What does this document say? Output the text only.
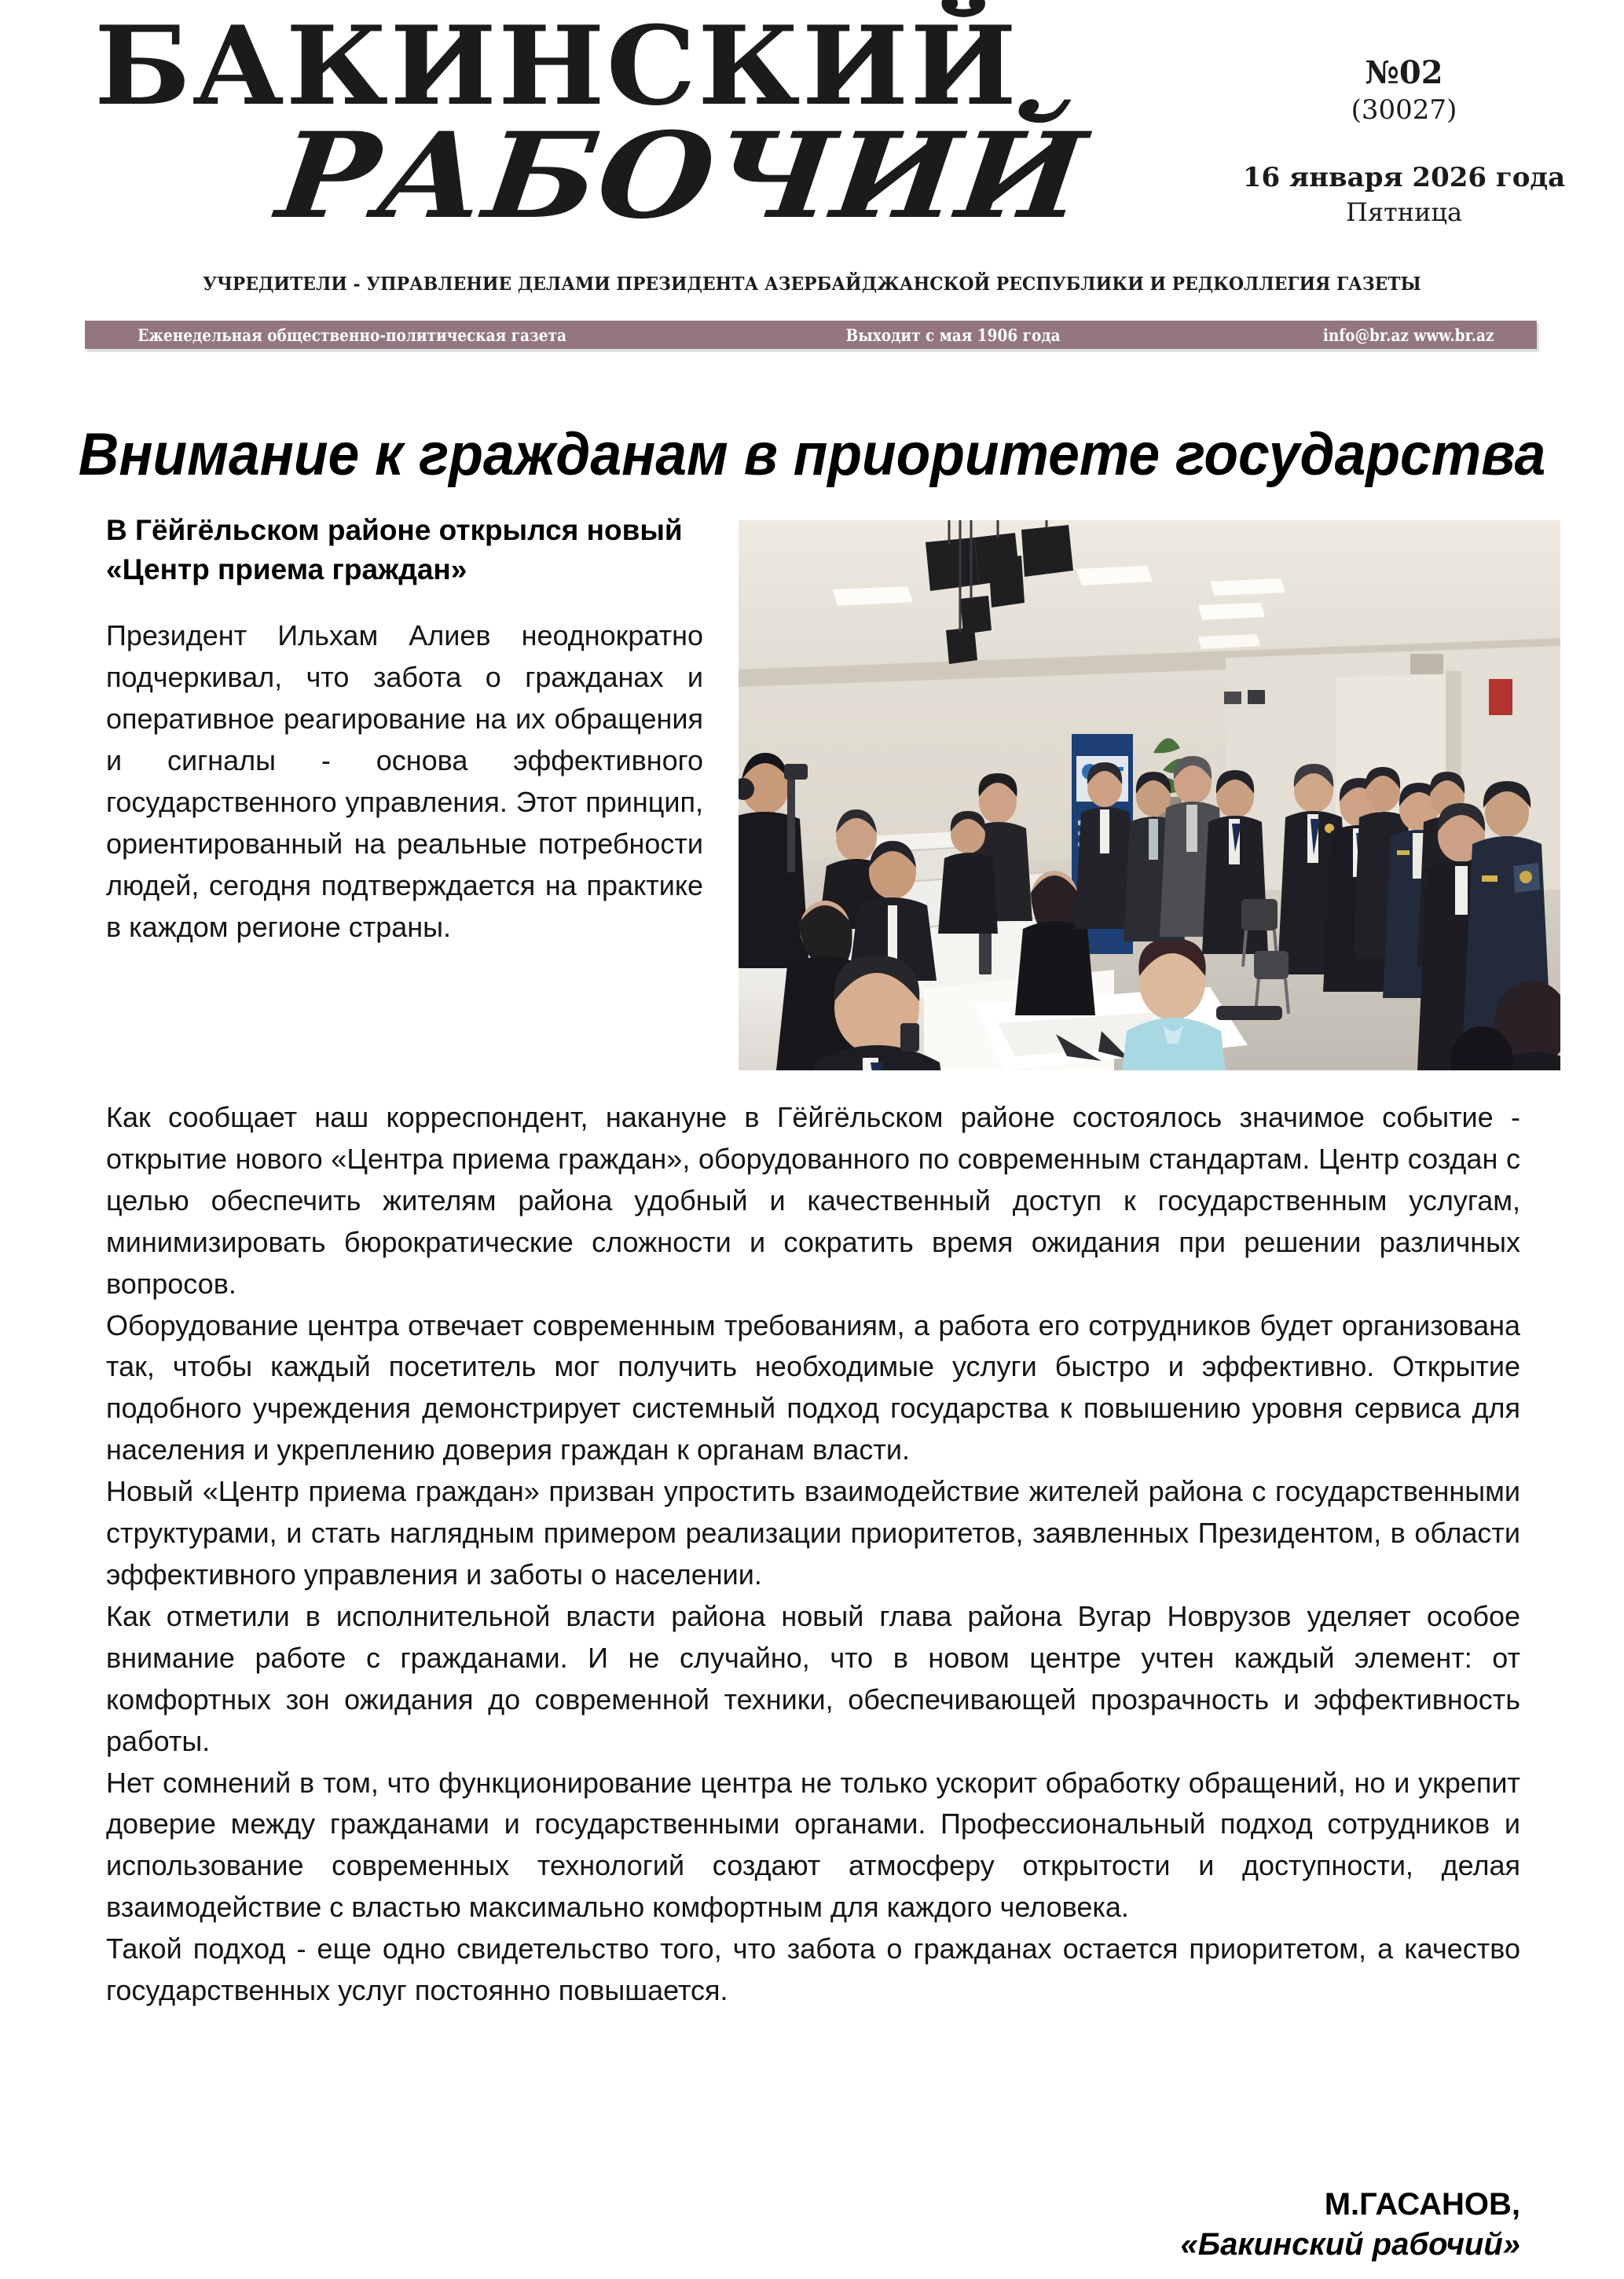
БАКИНСКИЙ
РАБОЧИЙ
№02
(30027)
16 января 2026 года
Пятница
УЧРЕДИТЕЛИ - УПРАВЛЕНИЕ ДЕЛАМИ ПРЕЗИДЕНТА АЗЕРБАЙДЖАНСКОЙ РЕСПУБЛИКИ И РЕДКОЛЛЕГИЯ ГАЗЕТЫ
Еженедельная общественно-политическая газета	Выходит с мая 1906 года	info@br.az www.br.az
Внимание к гражданам в приоритете государства
В Гёйгёльском районе открылся новый «Центр приема граждан»

Президент Ильхам Алиев неоднократно подчеркивал, что забота о гражданах и оперативное реагирование на их обращения и сигналы - основа эффективного государственного управления. Этот принцип, ориентированный на реальные потребности людей, сегодня подтверждается на практике в каждом регионе страны.

Как сообщает наш корреспондент, накануне в Гёйгёльском районе состоялось значимое событие - открытие нового «Центра приема граждан», оборудованного по современным стандартам. Центр создан с целью обеспечить жителям района удобный и качественный доступ к государственным услугам, минимизировать бюрократические сложности и сократить время ожидания при решении различных вопросов.

Оборудование центра отвечает современным требованиям, а работа его сотрудников будет организована так, чтобы каждый посетитель мог получить необходимые услуги быстро и эффективно. Открытие подобного учреждения демонстрирует системный подход государства к повышению уровня сервиса для населения и укреплению доверия граждан к органам власти.

Новый «Центр приема граждан» призван упростить взаимодействие жителей района с государственными структурами, и стать наглядным примером реализации приоритетов, заявленных Президентом, в области эффективного управления и заботы о населении.

Как отметили в исполнительной власти района новый глава района Вугар Новрузов уделяет особое внимание работе с гражданами. И не случайно, что в новом центре учтен каждый элемент: от комфортных зон ожидания до современной техники, обеспечивающей прозрачность и эффективность работы.

Нет сомнений в том, что функционирование центра не только ускорит обработку обращений, но и укрепит доверие между гражданами и государственными органами. Профессиональный подход сотрудников и использование современных технологий создают атмосферу открытости и доступности, делая взаимодействие с властью максимально комфортным для каждого человека.

Такой подход - еще одно свидетельство того, что забота о гражданах остается приоритетом, а качество государственных услуг постоянно повышается.

М.ГАСАНОВ,
«Бакинский рабочий»
